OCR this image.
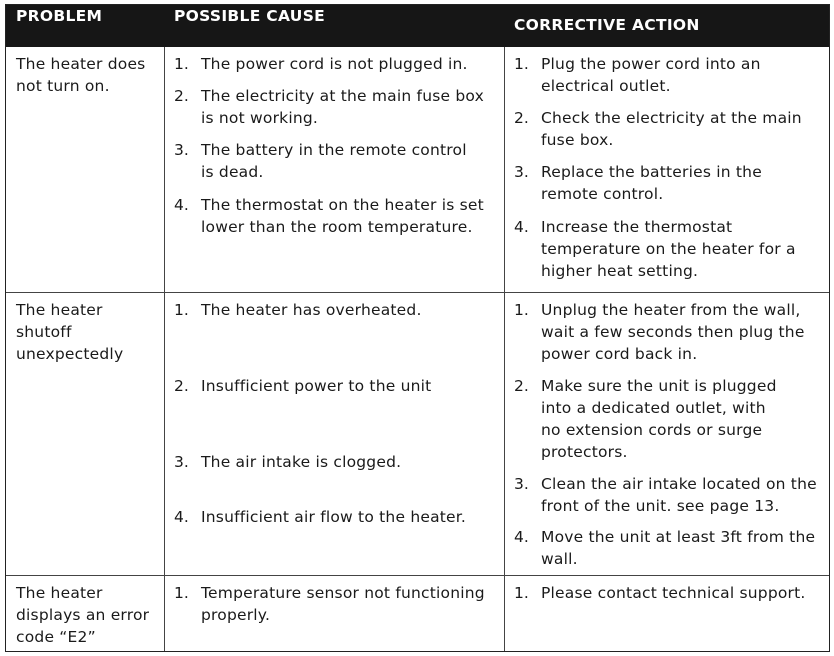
PROBLEM	POSSIBLE CAUSE	CORRECTIVE ACTION
The heater does
not turn on.
1. The power cord is not plugged in.
2. The electricity at the main fuse box
is not working.
3. The battery in the remote control
is dead.
4. The thermostat on the heater is set
lower than the room temperature.
1. Plug the power cord into an
electrical outlet.
2. Check the electricity at the main
fuse box.
3. Replace the batteries in the
remote control.
4. Increase the thermostat
temperature on the heater for a
higher heat setting.
The heater
shutoff
unexpectedly
1. The heater has overheated.
2. Insufficient power to the unit
3. The air intake is clogged.
4. Insufficient air flow to the heater.
1. Unplug the heater from the wall,
wait a few seconds then plug the
power cord back in.
2. Make sure the unit is plugged
into a dedicated outlet, with
no extension cords or surge
protectors.
3. Clean the air intake located on the
front of the unit. see page 13.
4. Move the unit at least 3ft from the
wall.
The heater
displays an error
code “E2”
1. Temperature sensor not functioning
properly.
1. Please contact technical support.
